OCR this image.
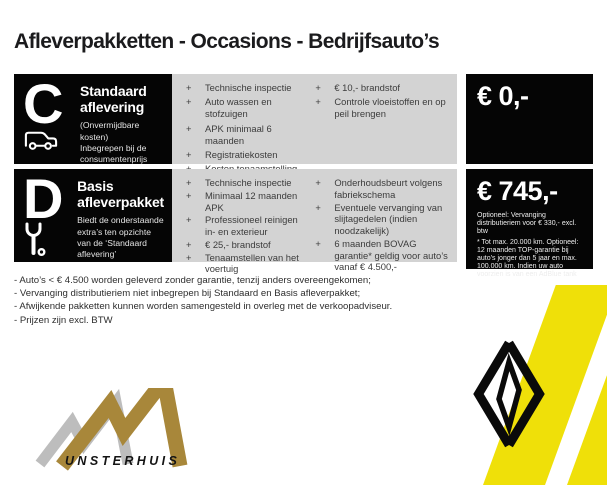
Afleverpakketten - Occasions - Bedrijfsauto’s
C Standaard aflevering
(Onvermijdbare kosten)
Inbegrepen bij de consumentenprijs
+ Technische inspectie
+ Auto wassen en stofzuigen
+ APK minimaal 6 maanden
+ Registratiekosten
+ € 10,- brandstof
+ Controle vloeistoffen en op peil brengen
€ 0,-
D Basis afleverpakket
Biedt de onderstaande extra’s ten opzichte van de ‘Standaard aflevering’
+ Technische inspectie
+ Minimaal 12 maanden APK
+ Professioneel reinigen in- en exterieur
+ € 25,- brandstof
+ Tenaamstellen van het voertuig
+ Onderhoudsbeurt volgens fabriekschema
+ Eventuele vervanging van slijtagedelen (indien noodzakelijk)
+ 6 maanden BOVAG garantie* geldig voor auto’s vanaf € 4.500,-
€ 745,-
Optioneel: Vervanging distributieriem voor € 330,- excl. btw
* Tot max. 20.000 km. Optioneel: 12 maanden TOP-garantie bij auto’s jonger dan 5 jaar en max. 100.000 km. Indien uw auto voorzien is van een AdBlue tank
- Auto’s < € 4.500 worden geleverd zonder garantie, tenzij anders overeengekomen;
- Vervanging distributieriem niet inbegrepen bij Standaard en Basis afleverpakket;
- Afwijkende pakketten kunnen worden samengesteld in overleg met de verkoopadviseur.
- Prijzen zijn excl. BTW
UNSTERHUIS
